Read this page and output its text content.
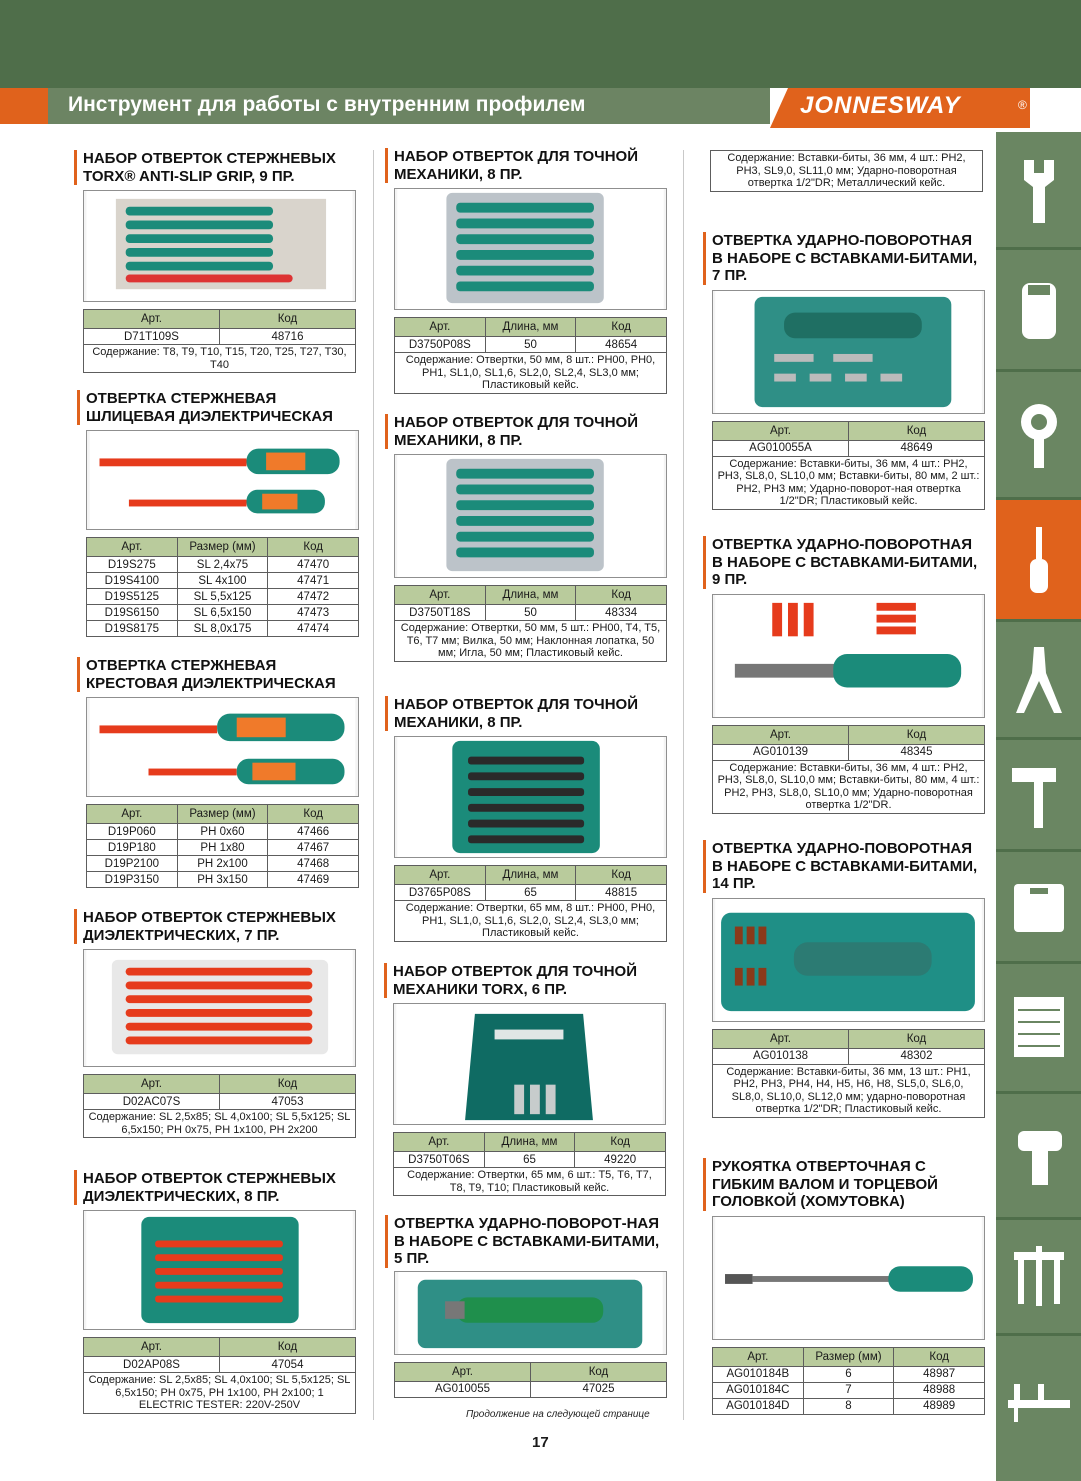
Инструмент для работы с внутренним профилем	JONNESWAY	®
НАБОР ОТВЕРТОК СТЕРЖНЕВЫХ TORX® ANTI-SLIP GRIP, 9 ПР.
Арт.	Код
D71T109S	48716
Содержание: T8, T9, T10, T15, T20, T25, T27, T30, T40	
ОТВЕРТКА СТЕРЖНЕВАЯ ШЛИЦЕВАЯ ДИЭЛЕКТРИЧЕСКАЯ
Арт.	Размер (мм)	Код
D19S275	SL 2,4x75	47470
D19S4100	SL 4x100	47471
D19S5125	SL 5,5x125	47472
D19S6150	SL 6,5x150	47473
D19S8175	SL 8,0x175	47474
ОТВЕРТКА СТЕРЖНЕВАЯ КРЕСТОВАЯ ДИЭЛЕКТРИЧЕСКАЯ
Арт.	Размер (мм)	Код
D19P060	PH 0x60	47466
D19P180	PH 1x80	47467
D19P2100	PH 2x100	47468
D19P3150	PH 3x150	47469
НАБОР ОТВЕРТОК СТЕРЖНЕВЫХ ДИЭЛЕКТРИЧЕСКИХ, 7 ПР.
Арт.	Код
D02AC07S	47053
Содержание: SL 2,5x85; SL 4,0x100; SL 5,5x125; SL 6,5x150; PH 0x75, PH 1x100, PH 2x200	
НАБОР ОТВЕРТОК СТЕРЖНЕВЫХ ДИЭЛЕКТРИЧЕСКИХ, 8 ПР.
Арт.	Код
D02AP08S	47054
Содержание: SL 2,5x85; SL 4,0x100; SL 5,5x125; SL 6,5x150; PH 0x75, PH 1x100, PH 2x100; 1 ELECTRIC TESTER: 220V-250V	
НАБОР ОТВЕРТОК ДЛЯ ТОЧНОЙ МЕХАНИКИ, 8 ПР.
Арт.	Длина, мм	Код
D3750P08S	50	48654
Содержание: Отвертки, 50 мм, 8 шт.: PH00, PH0, PH1, SL1,0, SL1,6, SL2,0, SL2,4, SL3,0 мм; Пластиковый кейс.		
НАБОР ОТВЕРТОК ДЛЯ ТОЧНОЙ МЕХАНИКИ, 8 ПР.
Арт.	Длина, мм	Код
D3750T18S	50	48334
Содержание: Отвертки, 50 мм, 5 шт.: PH00, T4, T5, T6, T7 мм; Вилка, 50 мм; Наклонная лопатка, 50 мм; Игла, 50 мм; Пластиковый кейс.		
НАБОР ОТВЕРТОК ДЛЯ ТОЧНОЙ МЕХАНИКИ, 8 ПР.
Арт.	Длина, мм	Код
D3765P08S	65	48815
Содержание: Отвертки, 65 мм, 8 шт.: PH00, PH0, PH1, SL1,0, SL1,6, SL2,0, SL2,4, SL3,0 мм; Пластиковый кейс.		
НАБОР ОТВЕРТОК ДЛЯ ТОЧНОЙ МЕХАНИКИ TORX, 6 ПР.
Арт.	Длина, мм	Код
D3750T06S	65	49220
Содержание: Отвертки, 65 мм, 6 шт.: T5, T6, T7, T8, T9, T10; Пластиковый кейс.		
ОТВЕРТКА УДАРНО-ПОВОРОТ-НАЯ В НАБОРЕ С ВСТАВКАМИ-БИТАМИ, 5 ПР.
Арт.	Код
AG010055	47025
Продолжение на следующей странице
Содержание: Вставки-биты, 36 мм, 4 шт.: PH2, PH3, SL9,0, SL11,0 мм; Ударно-поворотная отвертка 1/2"DR; Металлический кейс.
ОТВЕРТКА УДАРНО-ПОВОРОТНАЯ В НАБОРЕ С ВСТАВКАМИ-БИТАМИ, 7 ПР.
Арт.	Код
AG010055A	48649
Содержание: Вставки-биты, 36 мм, 4 шт.: PH2, PH3, SL8,0, SL10,0 мм; Вставки-биты, 80 мм, 2 шт.: PH2, PH3 мм; Ударно-поворот-ная отвертка 1/2"DR; Пластиковый кейс.	
ОТВЕРТКА УДАРНО-ПОВОРОТНАЯ В НАБОРЕ С ВСТАВКАМИ-БИТАМИ, 9 ПР.
Арт.	Код
AG010139	48345
Содержание: Вставки-биты, 36 мм, 4 шт.: PH2, PH3, SL8,0, SL10,0 мм; Вставки-биты, 80 мм, 4 шт.: PH2, PH3, SL8,0, SL10,0 мм; Ударно-поворотная отвертка 1/2"DR.	
ОТВЕРТКА УДАРНО-ПОВОРОТНАЯ В НАБОРЕ С ВСТАВКАМИ-БИТАМИ, 14 ПР.
Арт.	Код
AG010138	48302
Содержание: Вставки-биты, 36 мм, 13 шт.: PH1, PH2, PH3, PH4, H4, H5, H6, H8, SL5,0, SL6,0, SL8,0, SL10,0, SL12,0 мм; ударно-поворотная отвертка 1/2"DR; Пластиковый кейс.	
РУКОЯТКА ОТВЕРТОЧНАЯ С ГИБКИМ ВАЛОМ И ТОРЦЕВОЙ ГОЛОВКОЙ (ХОМУТОВКА)
Арт.	Размер (мм)	Код
AG010184B	6	48987
AG010184C	7	48988
AG010184D	8	48989
17
